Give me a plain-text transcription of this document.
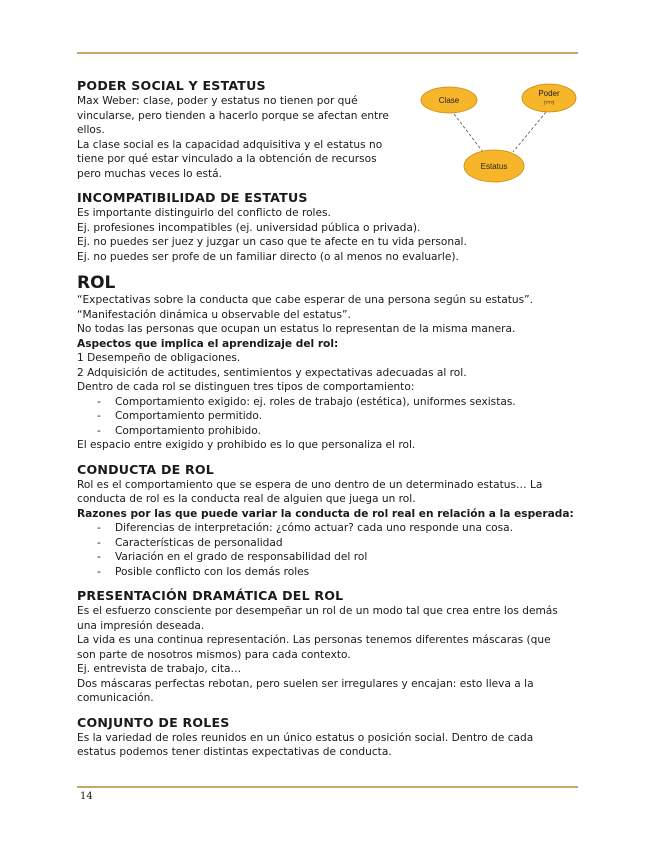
Clase
Poder
(???)
Estatus
PODER SOCIAL Y ESTATUS

Max Weber: clase, poder y estatus no tienen por qué

vincularse, pero tienden a hacerlo porque se afectan entre

ellos.

La clase social es la capacidad adquisitiva y el estatus no

tiene por qué estar vinculado a la obtención de recursos

pero muchas veces lo está.

INCOMPATIBILIDAD DE ESTATUS

Es importante distinguirlo del conflicto de roles.

Ej. profesiones incompatibles (ej. universidad pública o privada).

Ej. no puedes ser juez y juzgar un caso que te afecte en tu vida personal.

Ej. no puedes ser profe de un familiar directo (o al menos no evaluarle).

ROL

“Expectativas sobre la conducta que cabe esperar de una persona según su estatus”.

“Manifestación dinámica u observable del estatus”.

No todas las personas que ocupan un estatus lo representan de la misma manera.

Aspectos que implica el aprendizaje del rol:

1 Desempeño de obligaciones.

2 Adquisición de actitudes, sentimientos y expectativas adecuadas al rol.

Dentro de cada rol se distinguen tres tipos de comportamiento:

- Comportamiento exigido: ej. roles de trabajo (estética), uniformes sexistas.
- Comportamiento permitido.
- Comportamiento prohibido.

El espacio entre exigido y prohibido es lo que personaliza el rol.

CONDUCTA DE ROL

Rol es el comportamiento que se espera de uno dentro de un determinado estatus… La

conducta de rol es la conducta real de alguien que juega un rol.

Razones por las que puede variar la conducta de rol real en relación a la esperada:

- Diferencias de interpretación: ¿cómo actuar? cada uno responde una cosa.
- Características de personalidad
- Variación en el grado de responsabilidad del rol
- Posible conflicto con los demás roles
PRESENTACIÓN DRAMÁTICA DEL ROL

Es el esfuerzo consciente por desempeñar un rol de un modo tal que crea entre los demás

una impresión deseada.

La vida es una continua representación. Las personas tenemos diferentes máscaras (que

son parte de nosotros mismos) para cada contexto.

Ej. entrevista de trabajo, cita…

Dos máscaras perfectas rebotan, pero suelen ser irregulares y encajan: esto lleva a la

comunicación.

CONJUNTO DE ROLES

Es la variedad de roles reunidos en un único estatus o posición social. Dentro de cada

estatus podemos tener distintas expectativas de conducta.

14
